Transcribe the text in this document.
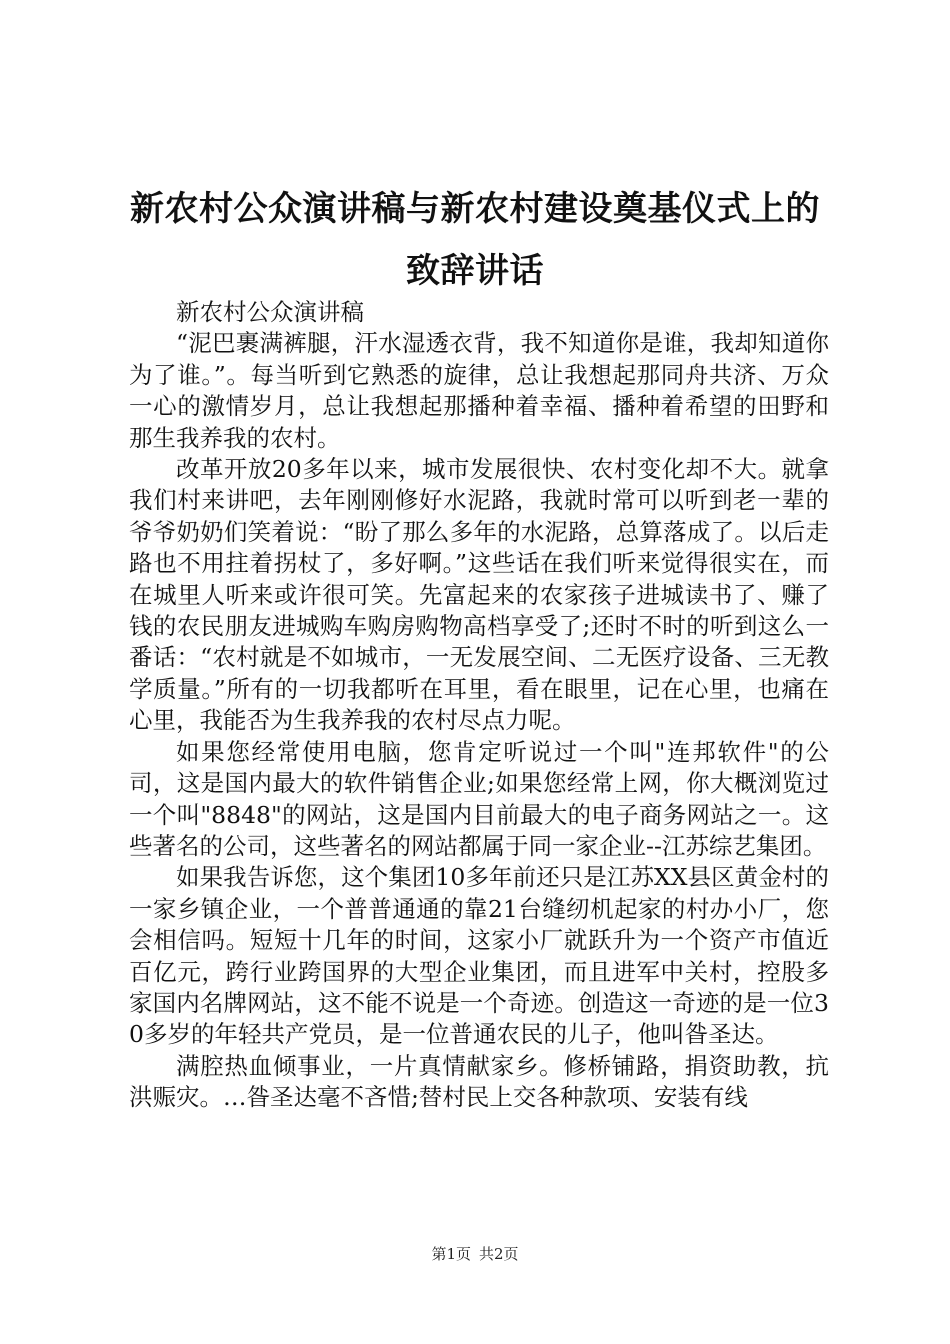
新农村公众演讲稿与新农村建设奠基仪式上的
致辞讲话

新农村公众演讲稿

“泥巴裹满裤腿，汗水湿透衣背，我不知道你是谁，我却知道你为了谁。”。每当听到它熟悉的旋律，总让我想起那同舟共济、万众一心的激情岁月，总让我想起那播种着幸福、播种着希望的田野和那生我养我的农村。

改革开放20多年以来，城市发展很快、农村变化却不大。就拿我们村来讲吧，去年刚刚修好水泥路，我就时常可以听到老一辈的爷爷奶奶们笑着说：“盼了那么多年的水泥路，总算落成了。以后走路也不用拄着拐杖了，多好啊。”这些话在我们听来觉得很实在，而在城里人听来或许很可笑。先富起来的农家孩子进城读书了、赚了钱的农民朋友进城购车购房购物高档享受了;还时不时的听到这么一番话：“农村就是不如城市，一无发展空间、二无医疗设备、三无教学质量。”所有的一切我都听在耳里，看在眼里，记在心里，也痛在心里，我能否为生我养我的农村尽点力呢。

如果您经常使用电脑，您肯定听说过一个叫"连邦软件"的公司，这是国内最大的软件销售企业;如果您经常上网，你大概浏览过一个叫"8848"的网站，这是国内目前最大的电子商务网站之一。这些著名的公司，这些著名的网站都属于同一家企业--江苏综艺集团。

如果我告诉您，这个集团10多年前还只是江苏XX县区黄金村的一家乡镇企业，一个普普通通的靠21台缝纫机起家的村办小厂，您会相信吗。短短十几年的时间，这家小厂就跃升为一个资产市值近百亿元，跨行业跨国界的大型企业集团，而且进军中关村，控股多家国内名牌网站，这不能不说是一个奇迹。创造这一奇迹的是一位30多岁的年轻共产党员，是一位普通农民的儿子，他叫昝圣达。

满腔热血倾事业，一片真情献家乡。修桥铺路，捐资助教，抗洪赈灾。…昝圣达毫不吝惜;替村民上交各种款项、安装有线

第1页 共2页
